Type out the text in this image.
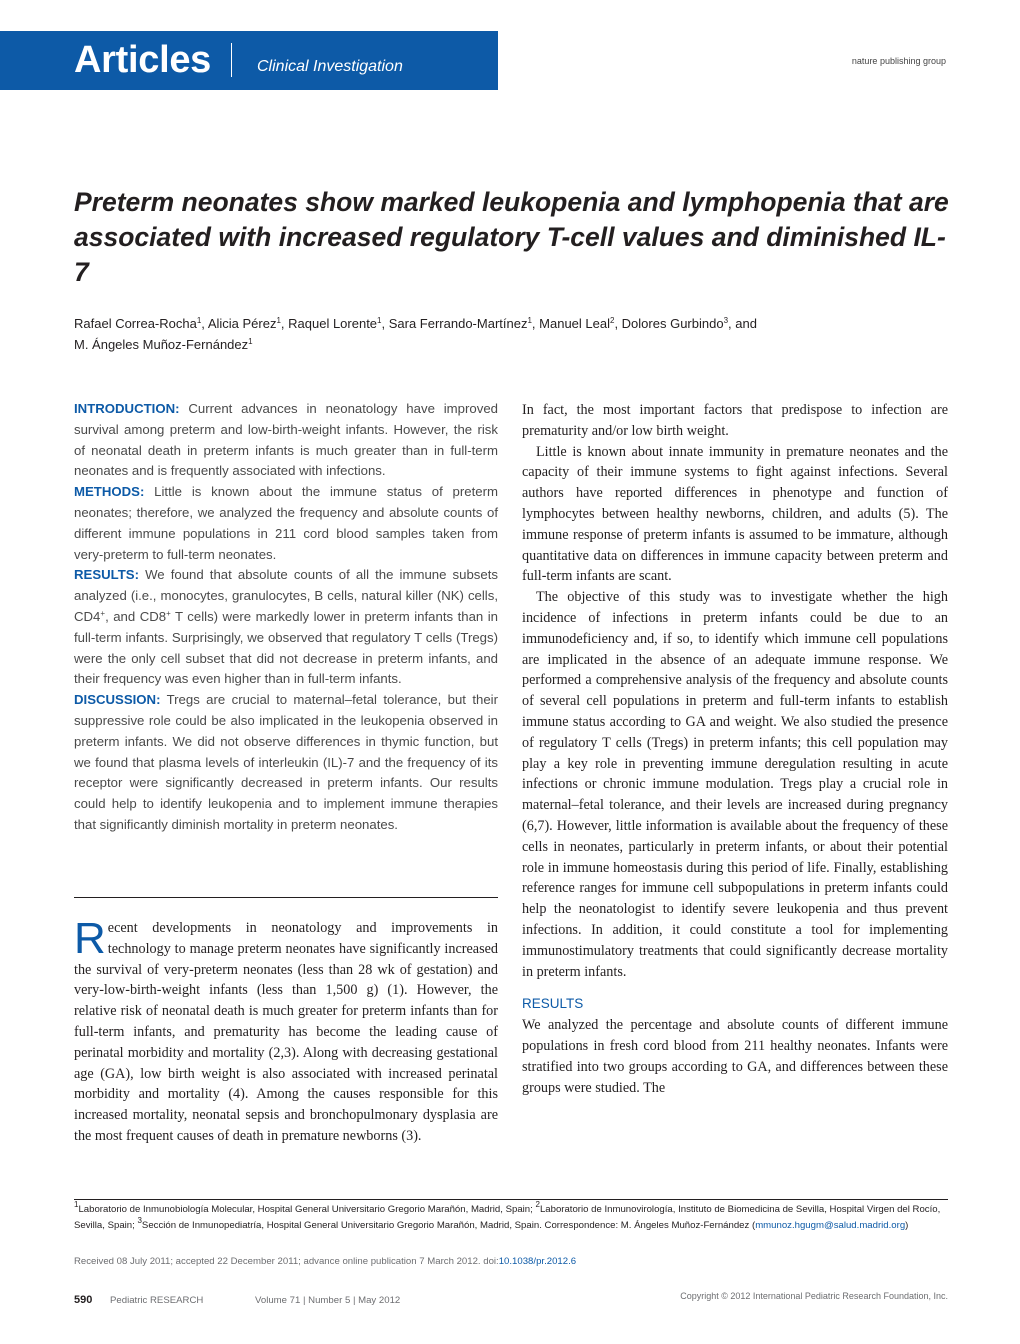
Articles	Clinical Investigation	nature publishing group
Preterm neonates show marked leukopenia and lymphopenia that are associated with increased regulatory T-cell values and diminished IL-7

Rafael Correa-Rocha$^1$, Alicia Pérez$^1$, Raquel Lorente$^1$, Sara Ferrando-Martínez$^1$, Manuel Leal$^2$, Dolores Gurbindo$^3$, and
M. Ángeles Muñoz-Fernández$^1$

INTRODUCTION: Current advances in neonatology have improved survival among preterm and low-birth-weight infants. However, the risk of neonatal death in preterm infants is much greater than in full-term neonates and is frequently associated with infections.

METHODS: Little is known about the immune status of preterm neonates; therefore, we analyzed the frequency and absolute counts of different immune populations in 211 cord blood samples taken from very-preterm to full-term neonates.

RESULTS: We found that absolute counts of all the immune subsets analyzed (i.e., monocytes, granulocytes, B cells, natural killer (NK) cells, CD4+, and CD8+ T cells) were markedly lower in preterm infants than in full-term infants. Surprisingly, we observed that regulatory T cells (Tregs) were the only cell subset that did not decrease in preterm infants, and their frequency was even higher than in full-term infants.

DISCUSSION: Tregs are crucial to maternal–fetal tolerance, but their suppressive role could be also implicated in the leukopenia observed in preterm infants. We did not observe differences in thymic function, but we found that plasma levels of interleukin (IL)-7 and the frequency of its receptor were significantly decreased in preterm infants. Our results could help to identify leukopenia and to implement immune therapies that significantly diminish mortality in preterm neonates.

Recent developments in neonatology and improvements in technology to manage preterm neonates have significantly increased the survival of very-preterm neonates (less than 28 wk of gestation) and very-low-birth-weight infants (less than 1,500 g) (1). However, the relative risk of neonatal death is much greater for preterm infants than for full-term infants, and prematurity has become the leading cause of perinatal morbidity and mortality (2,3). Along with decreasing gestational age (GA), low birth weight is also associated with increased perinatal morbidity and mortality (4). Among the causes responsible for this increased mortality, neonatal sepsis and bronchopulmonary dysplasia are the most frequent causes of death in premature newborns (3).

In fact, the most important factors that predispose to infection are prematurity and/or low birth weight.

Little is known about innate immunity in premature neonates and the capacity of their immune systems to fight against infections. Several authors have reported differences in phenotype and function of lymphocytes between healthy newborns, children, and adults (5). The immune response of preterm infants is assumed to be immature, although quantitative data on differences in immune capacity between preterm and full-term infants are scant.

The objective of this study was to investigate whether the high incidence of infections in preterm infants could be due to an immunodeficiency and, if so, to identify which immune cell populations are implicated in the absence of an adequate immune response. We performed a comprehensive analysis of the frequency and absolute counts of several cell populations in preterm and full-term infants to establish immune status according to GA and weight. We also studied the presence of regulatory T cells (Tregs) in preterm infants; this cell population may play a key role in preventing immune deregulation resulting in acute infections or chronic immune modulation. Tregs play a crucial role in maternal–fetal tolerance, and their levels are increased during pregnancy (6,7). However, little information is available about the frequency of these cells in neonates, particularly in preterm infants, or about their potential role in immune homeostasis during this period of life. Finally, establishing reference ranges for immune cell subpopulations in preterm infants could help the neonatologist to identify severe leukopenia and thus prevent infections. In addition, it could constitute a tool for implementing immunostimulatory treatments that could significantly decrease mortality in preterm infants.

RESULTS

We analyzed the percentage and absolute counts of different immune populations in fresh cord blood from 211 healthy neonates. Infants were stratified into two groups according to GA, and differences between these groups were studied. The

$^1$Laboratorio de Inmunobiología Molecular, Hospital General Universitario Gregorio Marañón, Madrid, Spain; $^2$Laboratorio de Inmunovirología, Instituto de Biomedicina de Sevilla, Hospital Virgen del Rocío, Sevilla, Spain; $^3$Sección de Inmunopediatría, Hospital General Universitario Gregorio Marañón, Madrid, Spain. Correspondence: M. Ángeles Muñoz-Fernández (mmunoz.hgugm@salud.madrid.org)

Received 08 July 2011; accepted 22 December 2011; advance online publication 7 March 2012. doi:10.1038/pr.2012.6
590 Pediatric RESEARCH	Volume 71 | Number 5 | May 2012	Copyright © 2012 International Pediatric Research Foundation, Inc.
